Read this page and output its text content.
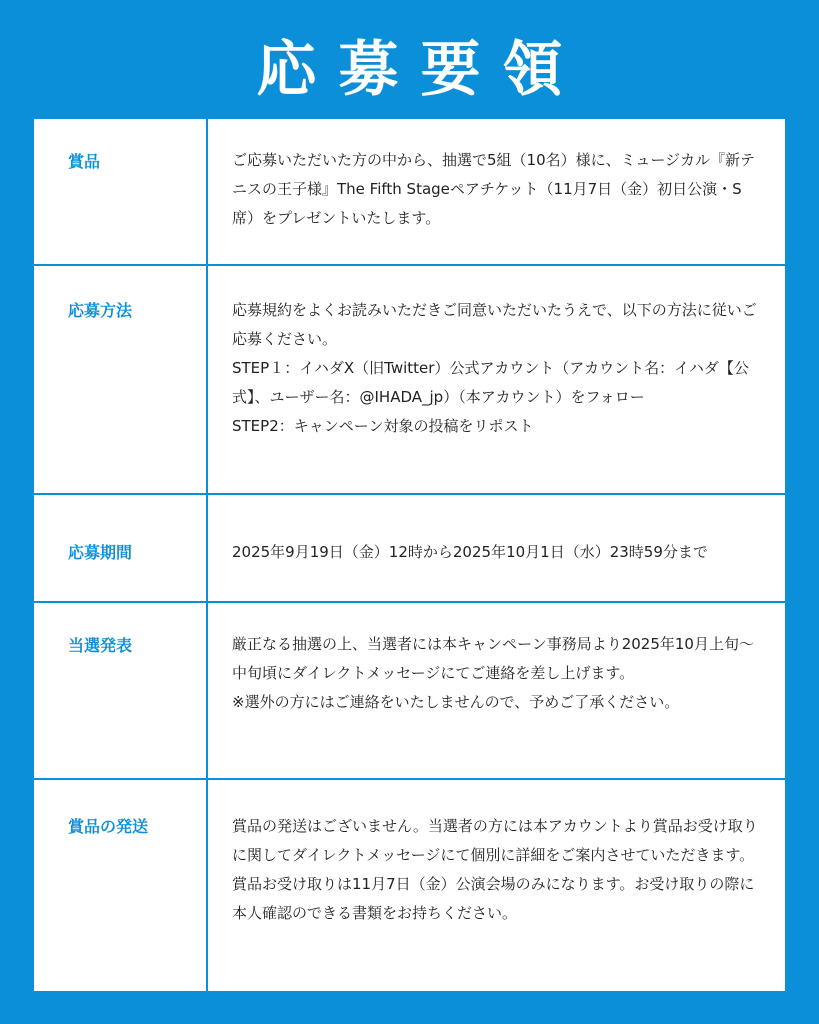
応募要領
賞品	ご応募いただいた方の中から、抽選で5組（10名）様に、ミュージカル『新テニスの王子様』The Fifth Stageペアチケット（11月7日（金）初日公演・S席）をプレゼントいたします。

応募方法	応募規約をよくお読みいただきご同意いただいたうえで、以下の方法に従いご応募ください。

STEP１：イハダX（旧Twitter）公式アカウント（アカウント名：イハダ【公式】、ユーザー名：@IHADA_jp）（本アカウント）をフォロー

STEP2：キャンペーン対象の投稿をリポスト

応募期間	2025年9月19日（金）12時から2025年10月1日（水）23時59分まで

当選発表	厳正なる抽選の上、当選者には本キャンペーン事務局より2025年10月上旬～中旬頃にダイレクトメッセージにてご連絡を差し上げます。

※選外の方にはご連絡をいたしませんので、予めご了承ください。

賞品の発送	賞品の発送はございません。当選者の方には本アカウントより賞品お受け取りに関してダイレクトメッセージにて個別に詳細をご案内させていただきます。賞品お受け取りは11月7日（金）公演会場のみになります。お受け取りの際に本人確認のできる書類をお持ちください。
